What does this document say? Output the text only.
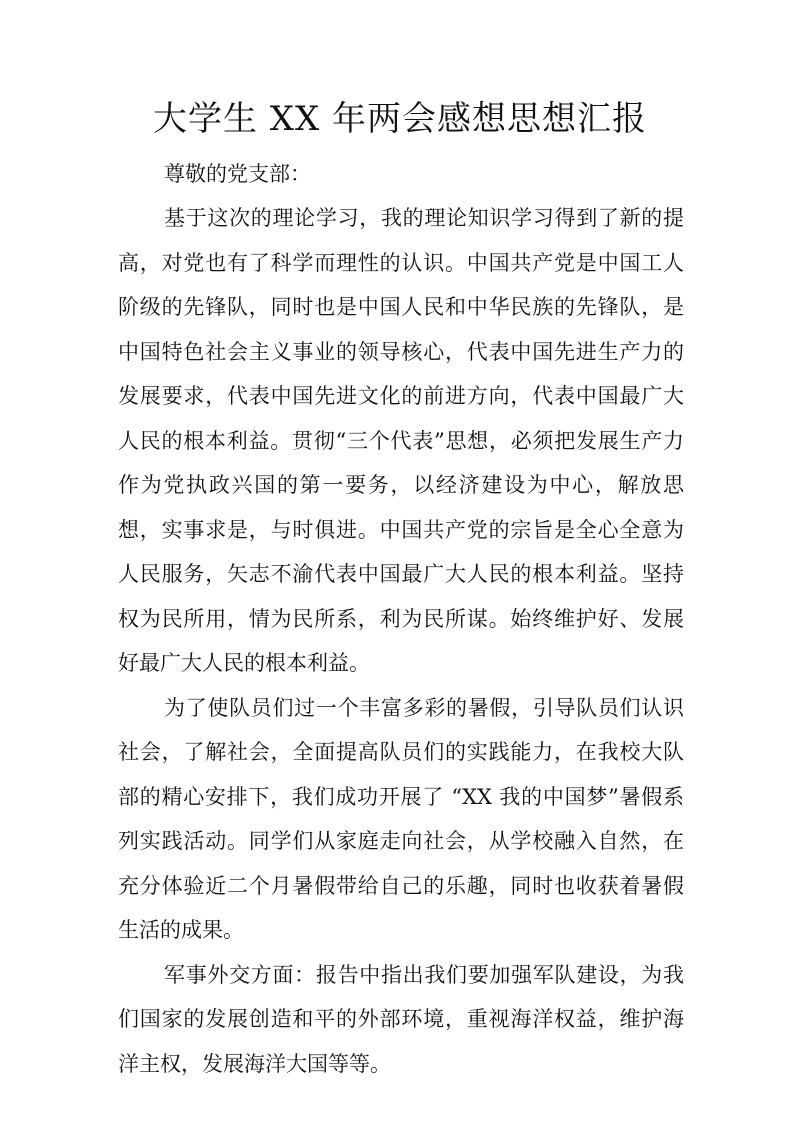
大学生 XX 年两会感想思想汇报

尊敬的党支部：

基于这次的理论学习，我的理论知识学习得到了新的提高，对党也有了科学而理性的认识。中国共产党是中国工人阶级的先锋队，同时也是中国人民和中华民族的先锋队，是中国特色社会主义事业的领导核心，代表中国先进生产力的发展要求，代表中国先进文化的前进方向，代表中国最广大人民的根本利益。贯彻“三个代表”思想，必须把发展生产力作为党执政兴国的第一要务，以经济建设为中心，解放思想，实事求是，与时俱进。中国共产党的宗旨是全心全意为人民服务，矢志不渝代表中国最广大人民的根本利益。坚持权为民所用，情为民所系，利为民所谋。始终维护好、发展好最广大人民的根本利益。

为了使队员们过一个丰富多彩的暑假，引导队员们认识社会，了解社会，全面提高队员们的实践能力，在我校大队部的精心安排下，我们成功开展了 “XX 我的中国梦”暑假系列实践活动。同学们从家庭走向社会，从学校融入自然，在充分体验近二个月暑假带给自己的乐趣，同时也收获着暑假生活的成果。

军事外交方面：报告中指出我们要加强军队建设，为我们国家的发展创造和平的外部环境，重视海洋权益，维护海洋主权，发展海洋大国等等。
